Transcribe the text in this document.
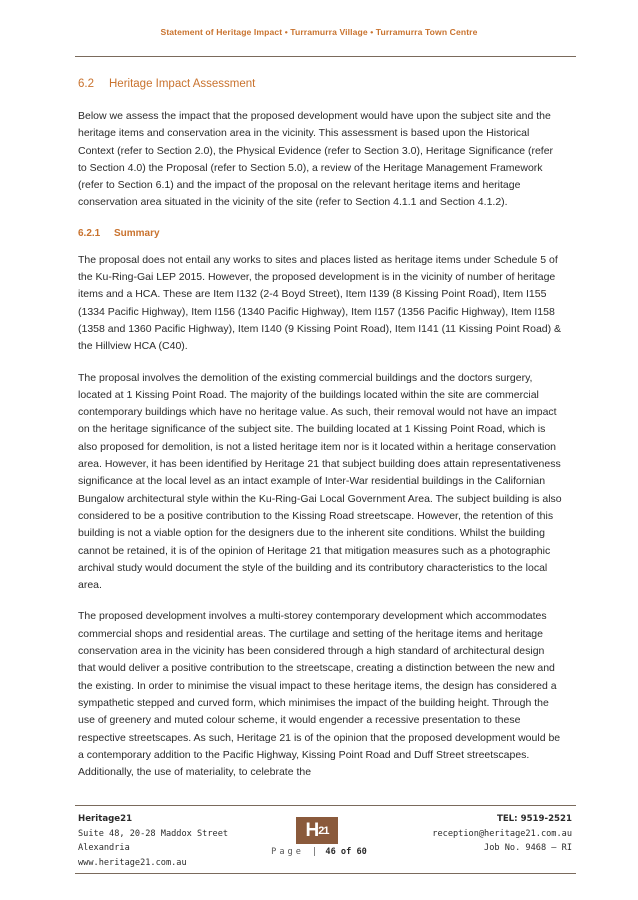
Statement of Heritage Impact • Turramurra Village • Turramurra Town Centre
6.2 Heritage Impact Assessment

Below we assess the impact that the proposed development would have upon the subject site and the heritage items and conservation area in the vicinity. This assessment is based upon the Historical Context (refer to Section 2.0), the Physical Evidence (refer to Section 3.0), Heritage Significance (refer to Section 4.0) the Proposal (refer to Section 5.0), a review of the Heritage Management Framework (refer to Section 6.1) and the impact of the proposal on the relevant heritage items and heritage conservation area situated in the vicinity of the site (refer to Section 4.1.1 and Section 4.1.2).

6.2.1 Summary

The proposal does not entail any works to sites and places listed as heritage items under Schedule 5 of the Ku-Ring-Gai LEP 2015. However, the proposed development is in the vicinity of number of heritage items and a HCA. These are Item I132 (2-4 Boyd Street), Item I139 (8 Kissing Point Road), Item I155 (1334 Pacific Highway), Item I156 (1340 Pacific Highway), Item I157 (1356 Pacific Highway), Item I158 (1358 and 1360 Pacific Highway), Item I140 (9 Kissing Point Road), Item I141 (11 Kissing Point Road) & the Hillview HCA (C40).

The proposal involves the demolition of the existing commercial buildings and the doctors surgery, located at 1 Kissing Point Road. The majority of the buildings located within the site are commercial contemporary buildings which have no heritage value. As such, their removal would not have an impact on the heritage significance of the subject site. The building located at 1 Kissing Point Road, which is also proposed for demolition, is not a listed heritage item nor is it located within a heritage conservation area. However, it has been identified by Heritage 21 that subject building does attain representativeness significance at the local level as an intact example of Inter-War residential buildings in the Californian Bungalow architectural style within the Ku-Ring-Gai Local Government Area. The subject building is also considered to be a positive contribution to the Kissing Road streetscape. However, the retention of this building is not a viable option for the designers due to the inherent site conditions. Whilst the building cannot be retained, it is of the opinion of Heritage 21 that mitigation measures such as a photographic archival study would document the style of the building and its contributory characteristics to the local area.

The proposed development involves a multi-storey contemporary development which accommodates commercial shops and residential areas. The curtilage and setting of the heritage items and heritage conservation area in the vicinity has been considered through a high standard of architectural design that would deliver a positive contribution to the streetscape, creating a distinction between the new and the existing. In order to minimise the visual impact to these heritage items, the design has considered a sympathetic stepped and curved form, which minimises the impact of the building height. Through the use of greenery and muted colour scheme, it would engender a recessive presentation to these respective streetscapes. As such, Heritage 21 is of the opinion that the proposed development would be a contemporary addition to the Pacific Highway, Kissing Point Road and Duff Street streetscapes. Additionally, the use of materiality, to celebrate the

Heritage21
Suite 48, 20-28 Maddox Street
Alexandria
www.heritage21.com.au
$H^{21}$
Page | 46 of 60
TEL: 9519-2521
reception@heritage21.com.au
Job No. 9468 – RI
